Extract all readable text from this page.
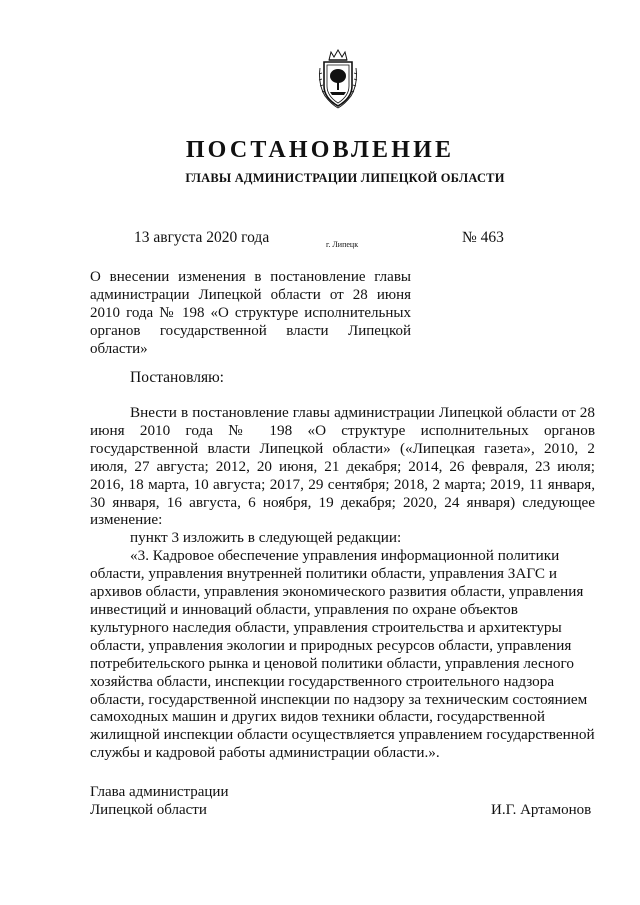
ПОСТАНОВЛЕНИЕ
ГЛАВЫ АДМИНИСТРАЦИИ ЛИПЕЦКОЙ ОБЛАСТИ
13 августа 2020 года	г. Липецк	№ 463
О внесении изменения в постановление главы администрации Липецкой области от 28 июня 2010 года № 198 «О структуре исполнительных органов государственной власти Липецкой области»
Постановляю:

Внести в постановление главы администрации Липецкой области от 28 июня 2010 года № 198 «О структуре исполнительных органов государственной власти Липецкой области» («Липецкая газета», 2010, 2 июля, 27 августа; 2012, 20 июня, 21 декабря; 2014, 26 февраля, 23 июля; 2016, 18 марта, 10 августа; 2017, 29 сентября; 2018, 2 марта; 2019, 11 января, 30 января, 16 августа, 6 ноября, 19 декабря; 2020, 24 января) следующее изменение:

пункт 3 изложить в следующей редакции:

«3. Кадровое обеспечение управления информационной политики области, управления внутренней политики области, управления ЗАГС и архивов области, управления экономического развития области, управления инвестиций и инноваций области, управления по охране объектов культурного наследия области, управления строительства и архитектуры области, управления экологии и природных ресурсов области, управления потребительского рынка и ценовой политики области, управления лесного хозяйства области, инспекции государственного строительного надзора области, государственной инспекции по надзору за техническим состоянием самоходных машин и других видов техники области, государственной жилищной инспекции области осуществляется управлением государственной службы и кадровой работы администрации области.».

Глава администрации
Липецкой области	И.Г. Артамонов
